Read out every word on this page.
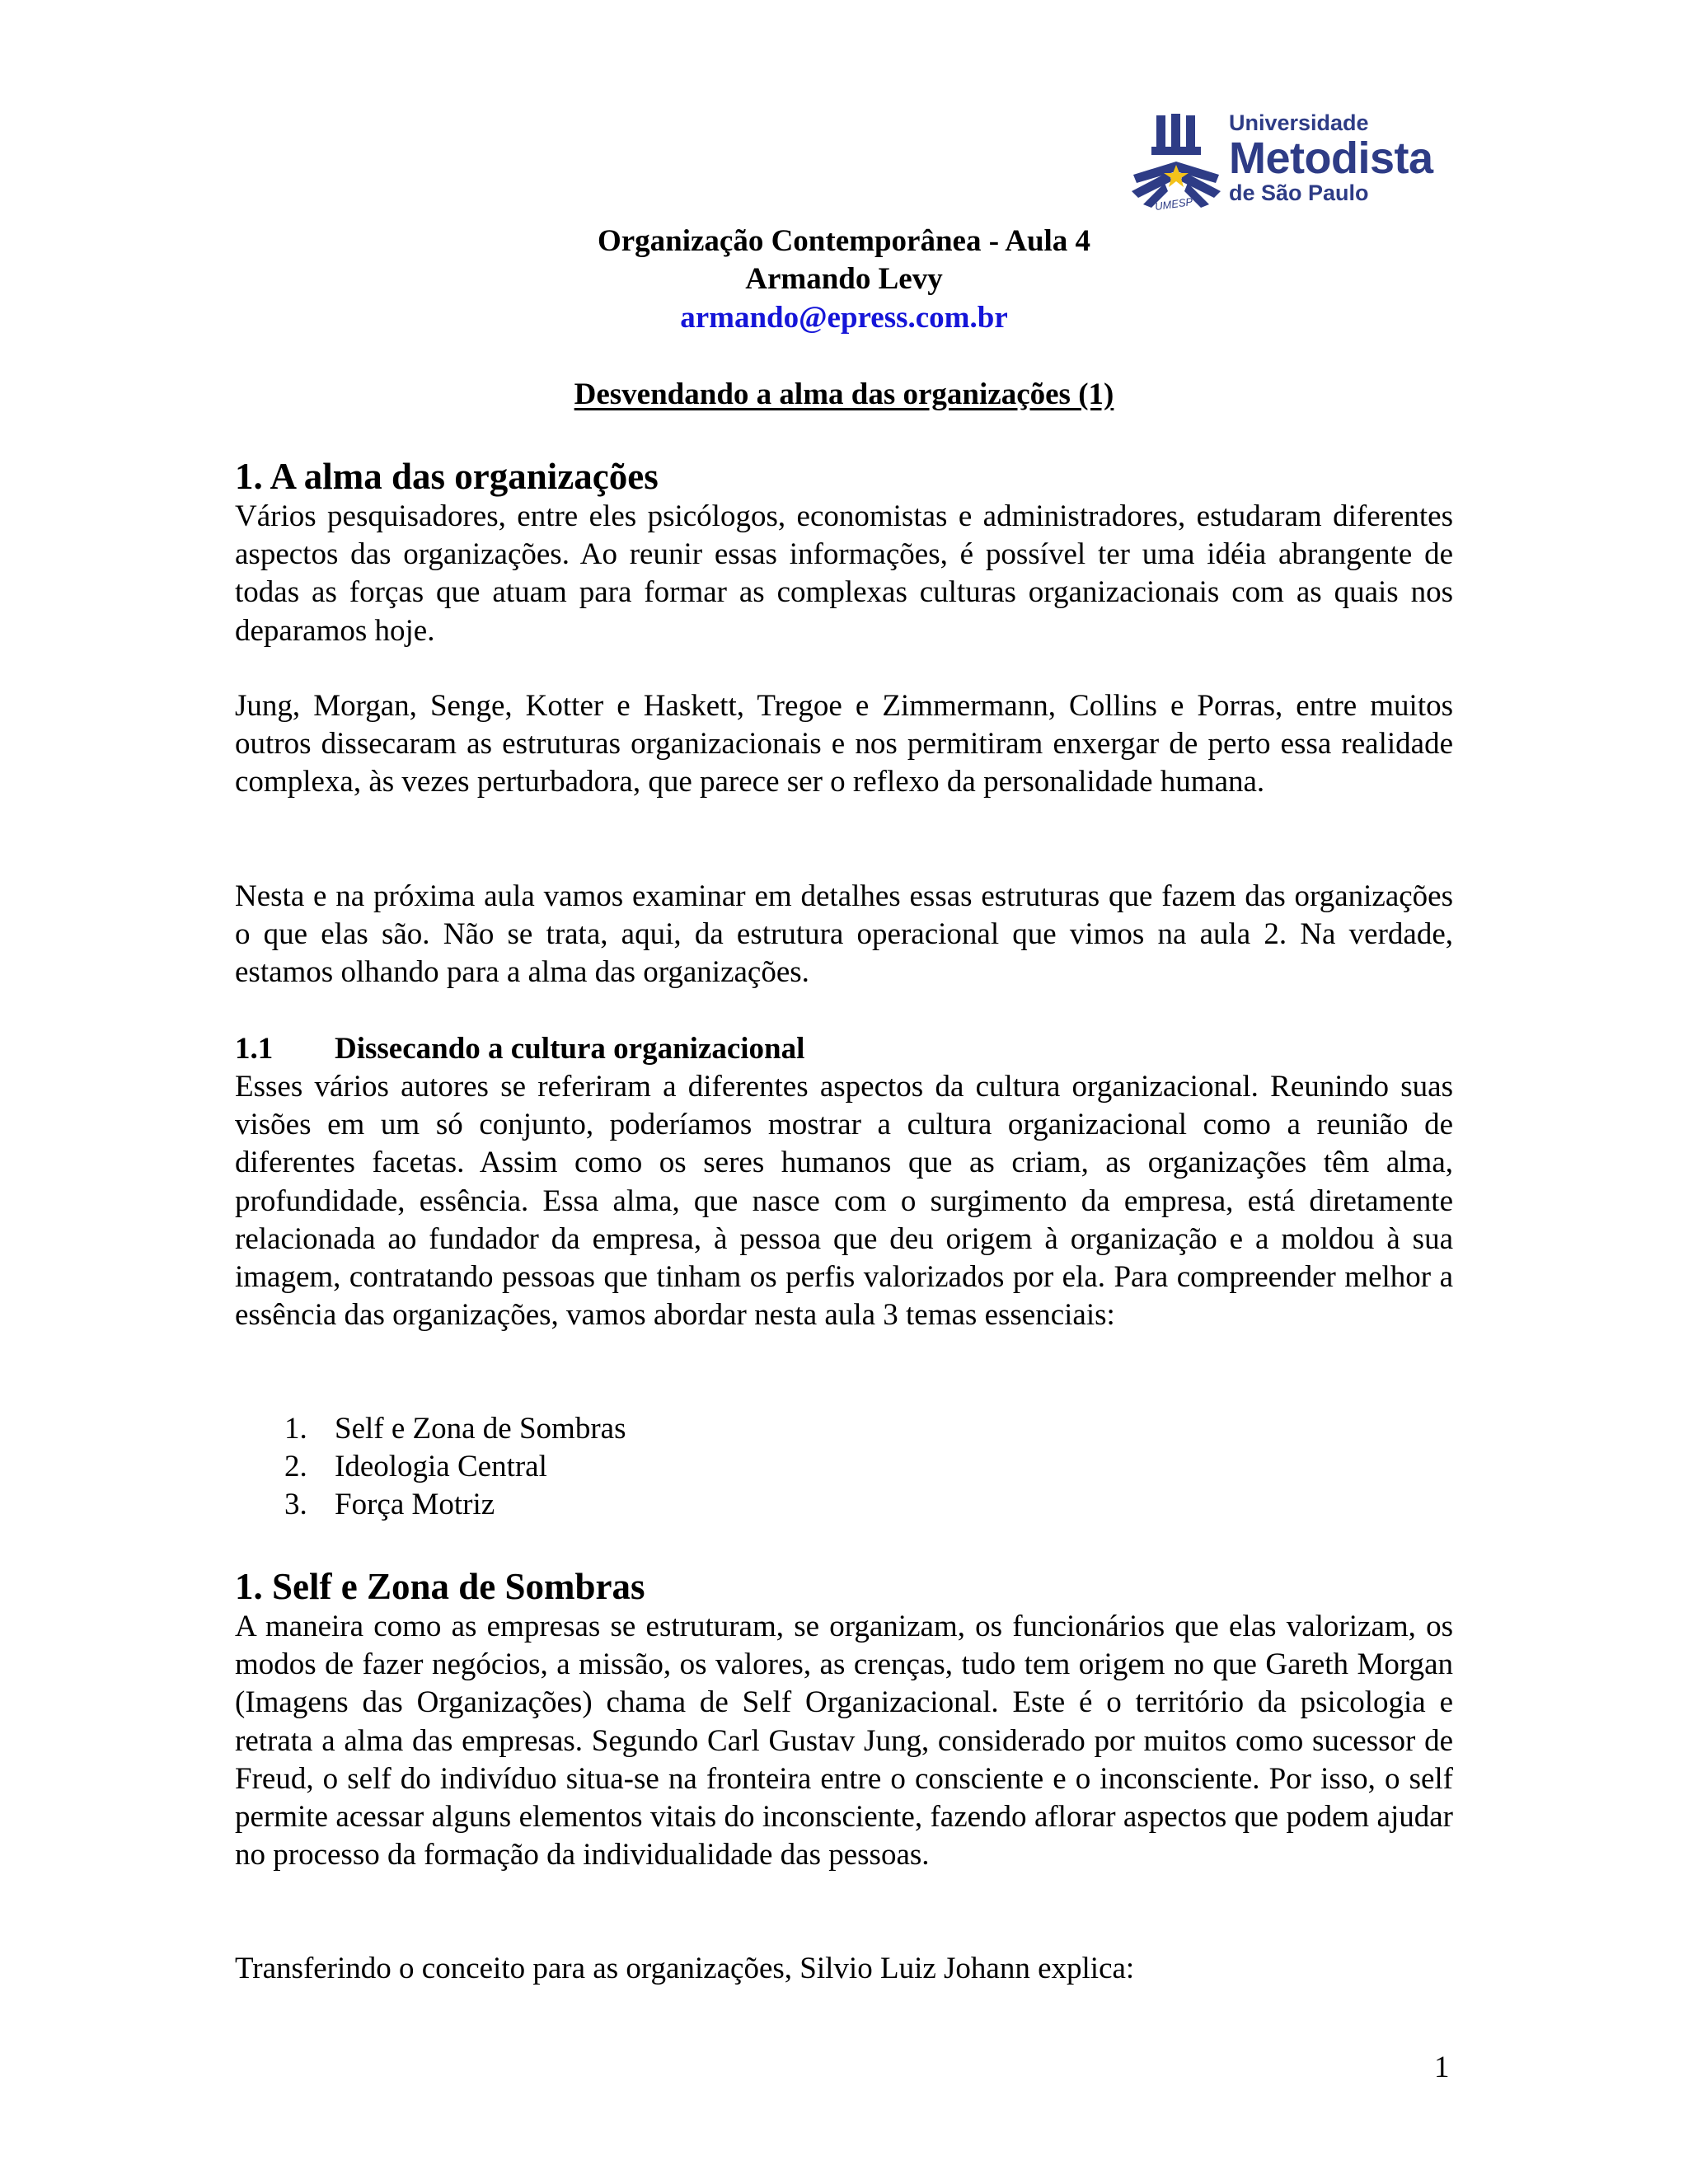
UMESP
Universidade
Metodista
de São Paulo
Organização Contemporânea - Aula 4
Armando Levy
armando@epress.com.br
Desvendando a alma das organizações (1)
1. A alma das organizações
Vários pesquisadores, entre eles psicólogos, economistas e administradores, estudaram diferentes aspectos das organizações. Ao reunir essas informações, é possível ter uma idéia abrangente de todas as forças que atuam para formar as complexas culturas organizacionais com as quais nos deparamos hoje.
Jung, Morgan, Senge, Kotter e Haskett, Tregoe e Zimmermann, Collins e Porras, entre muitos outros dissecaram as estruturas organizacionais e nos permitiram enxergar de perto essa realidade complexa, às vezes perturbadora, que parece ser o reflexo da personalidade humana.
Nesta e na próxima aula vamos examinar em detalhes essas estruturas que fazem das organizações o que elas são. Não se trata, aqui, da estrutura operacional que vimos na aula 2. Na verdade, estamos olhando para a alma das organizações.
1.1 Dissecando a cultura organizacional
Esses vários autores se referiram a diferentes aspectos da cultura organizacional. Reunindo suas visões em um só conjunto, poderíamos mostrar a cultura organizacional como a reunião de diferentes facetas. Assim como os seres humanos que as criam, as organizações têm alma, profundidade, essência. Essa alma, que nasce com o surgimento da empresa, está diretamente relacionada ao fundador da empresa, à pessoa que deu origem à organização e a moldou à sua imagem, contratando pessoas que tinham os perfis valorizados por ela. Para compreender melhor a essência das organizações, vamos abordar nesta aula 3 temas essenciais:
1. Self e Zona de Sombras
2. Ideologia Central
3. Força Motriz
1. Self e Zona de Sombras
A maneira como as empresas se estruturam, se organizam, os funcionários que elas valorizam, os modos de fazer negócios, a missão, os valores, as crenças, tudo tem origem no que Gareth Morgan (Imagens das Organizações) chama de Self Organizacional. Este é o território da psicologia e retrata a alma das empresas. Segundo Carl Gustav Jung, considerado por muitos como sucessor de Freud, o self do indivíduo situa-se na fronteira entre o consciente e o inconsciente. Por isso, o self permite acessar alguns elementos vitais do inconsciente, fazendo aflorar aspectos que podem ajudar no processo da formação da individualidade das pessoas.
Transferindo o conceito para as organizações, Silvio Luiz Johann explica:
1
